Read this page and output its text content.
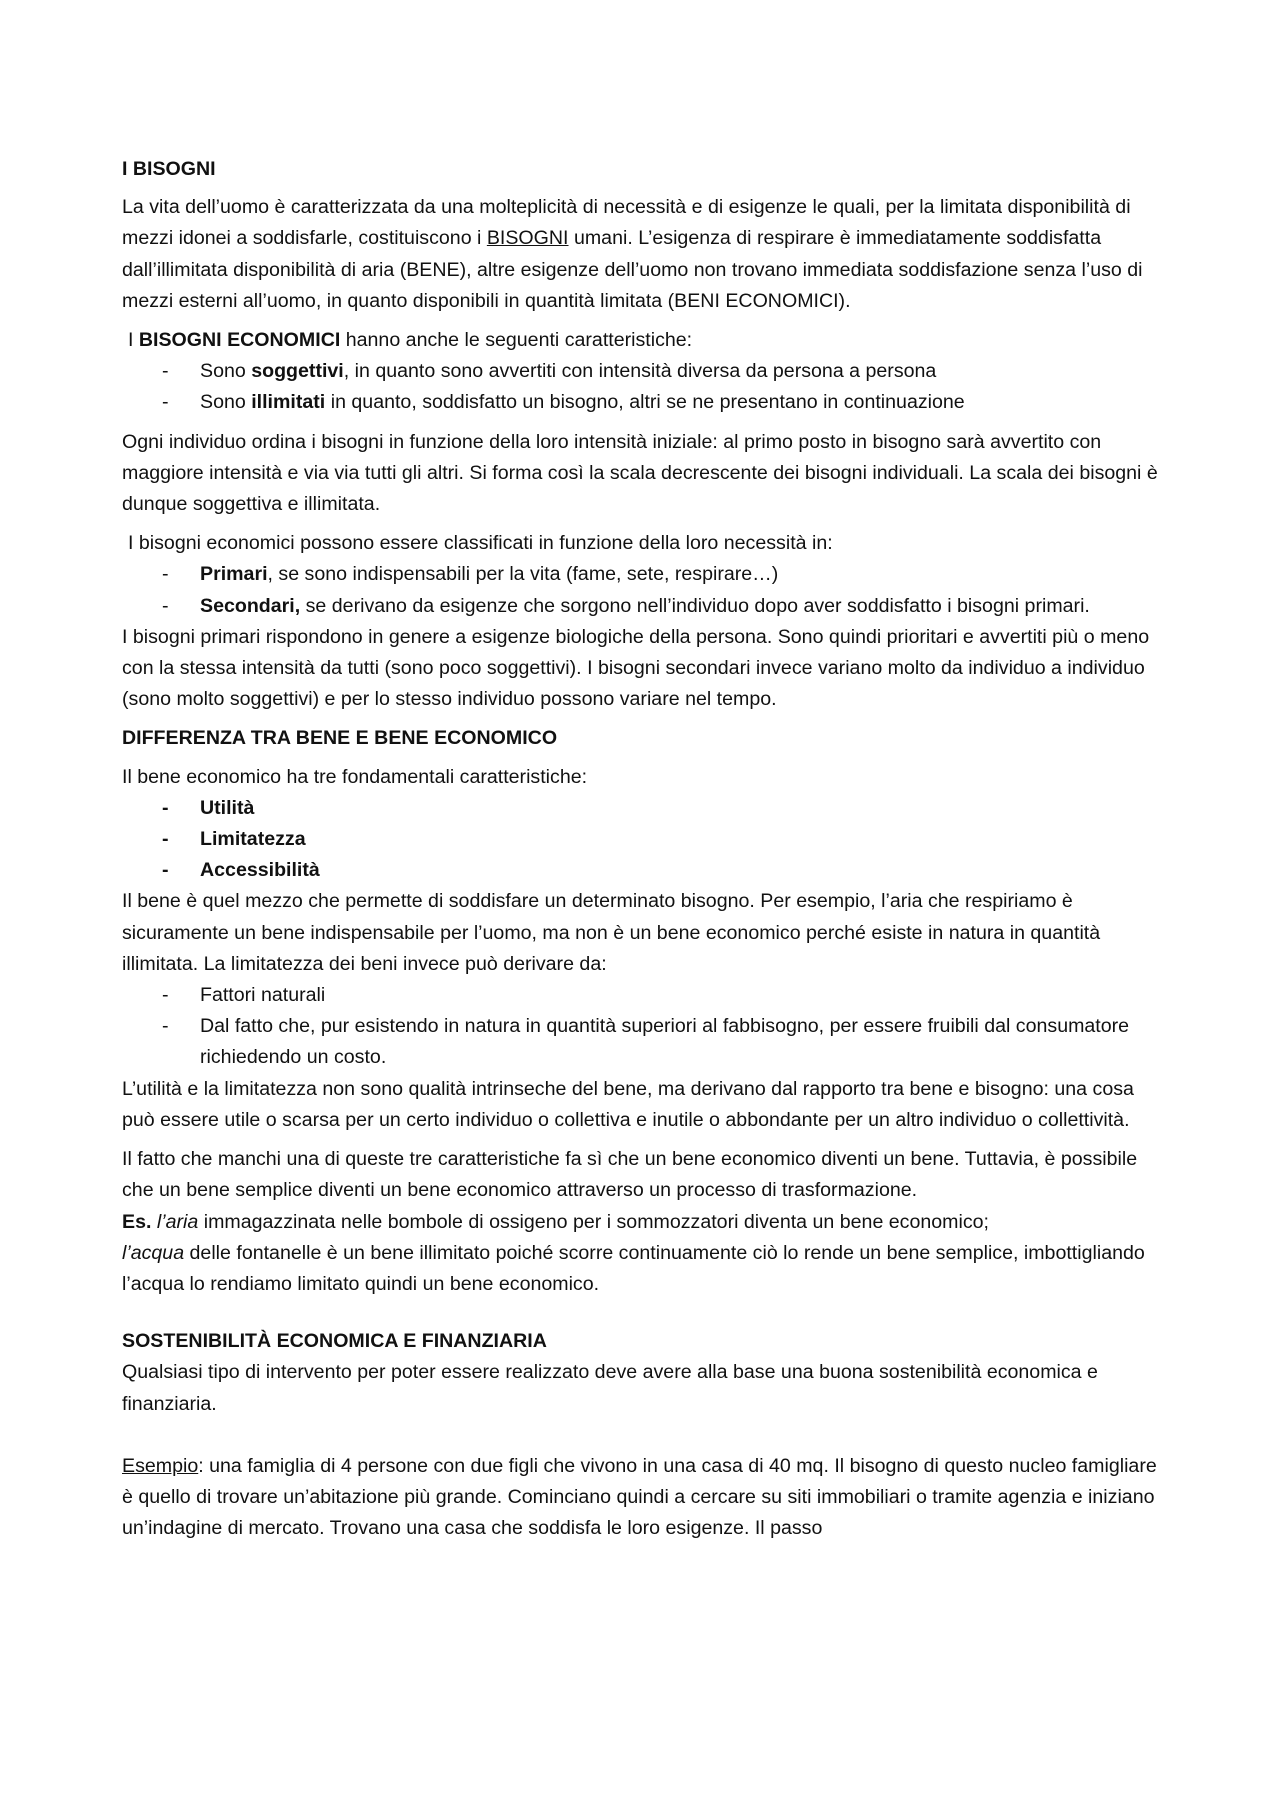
I BISOGNI

La vita dell’uomo è caratterizzata da una molteplicità di necessità e di esigenze le quali, per la limitata disponibilità di mezzi idonei a soddisfarle, costituiscono i BISOGNI umani. L’esigenza di respirare è immediatamente soddisfatta dall’illimitata disponibilità di aria (BENE), altre esigenze dell’uomo non trovano immediata soddisfazione senza l’uso di mezzi esterni all’uomo, in quanto disponibili in quantità limitata (BENI ECONOMICI).

I BISOGNI ECONOMICI hanno anche le seguenti caratteristiche:

- Sono soggettivi, in quanto sono avvertiti con intensità diversa da persona a persona
- Sono illimitati in quanto, soddisfatto un bisogno, altri se ne presentano in continuazione

Ogni individuo ordina i bisogni in funzione della loro intensità iniziale: al primo posto in bisogno sarà avvertito con maggiore intensità e via via tutti gli altri. Si forma così la scala decrescente dei bisogni individuali. La scala dei bisogni è dunque soggettiva e illimitata.

I bisogni economici possono essere classificati in funzione della loro necessità in:

- Primari, se sono indispensabili per la vita (fame, sete, respirare…)
- Secondari, se derivano da esigenze che sorgono nell’individuo dopo aver soddisfatto i bisogni primari.

I bisogni primari rispondono in genere a esigenze biologiche della persona. Sono quindi prioritari e avvertiti più o meno con la stessa intensità da tutti (sono poco soggettivi). I bisogni secondari invece variano molto da individuo a individuo (sono molto soggettivi) e per lo stesso individuo possono variare nel tempo.

DIFFERENZA TRA BENE E BENE ECONOMICO

Il bene economico ha tre fondamentali caratteristiche:

- Utilità
- Limitatezza
- Accessibilità

Il bene è quel mezzo che permette di soddisfare un determinato bisogno. Per esempio, l’aria che respiriamo è sicuramente un bene indispensabile per l’uomo, ma non è un bene economico perché esiste in natura in quantità illimitata. La limitatezza dei beni invece può derivare da:

- Fattori naturali
- Dal fatto che, pur esistendo in natura in quantità superiori al fabbisogno, per essere fruibili dal consumatore richiedendo un costo.

L’utilità e la limitatezza non sono qualità intrinseche del bene, ma derivano dal rapporto tra bene e bisogno: una cosa può essere utile o scarsa per un certo individuo o collettiva e inutile o abbondante per un altro individuo o collettività.

Il fatto che manchi una di queste tre caratteristiche fa sì che un bene economico diventi un bene. Tuttavia, è possibile che un bene semplice diventi un bene economico attraverso un processo di trasformazione.

Es. l’aria immagazzinata nelle bombole di ossigeno per i sommozzatori diventa un bene economico;
l’acqua delle fontanelle è un bene illimitato poiché scorre continuamente ciò lo rende un bene semplice, imbottigliando l’acqua lo rendiamo limitato quindi un bene economico.

SOSTENIBILITÀ ECONOMICA E FINANZIARIA

Qualsiasi tipo di intervento per poter essere realizzato deve avere alla base una buona sostenibilità economica e finanziaria.

Esempio: una famiglia di 4 persone con due figli che vivono in una casa di 40 mq. Il bisogno di questo nucleo famigliare è quello di trovare un’abitazione più grande. Cominciano quindi a cercare su siti immobiliari o tramite agenzia e iniziano un’indagine di mercato. Trovano una casa che soddisfa le loro esigenze. Il passo
